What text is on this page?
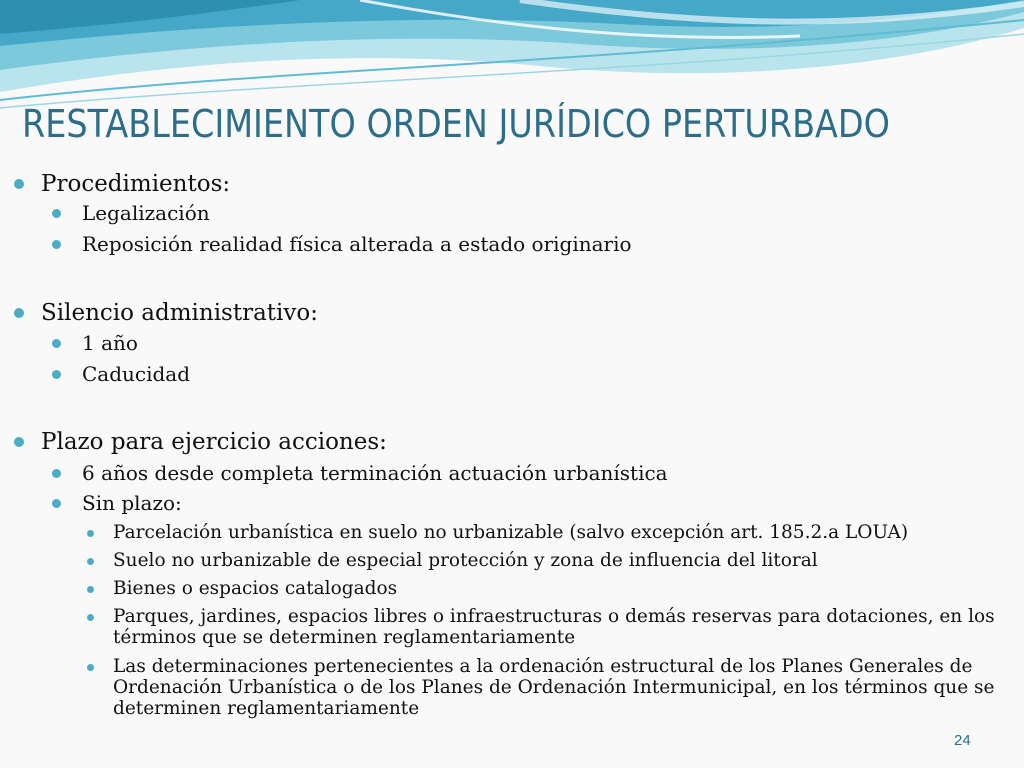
RESTABLECIMIENTO ORDEN JURÍDICO PERTURBADO
Procedimientos:
Legalización
Reposición realidad física alterada a estado originario
Silencio administrativo:
1 año
Caducidad
Plazo para ejercicio acciones:
6 años desde completa terminación actuación urbanística
Sin plazo:
Parcelación urbanística en suelo no urbanizable (salvo excepción art. 185.2.a LOUA)
Suelo no urbanizable de especial protección y zona de influencia del litoral
Bienes o espacios catalogados
Parques, jardines, espacios libres o infraestructuras o demás reservas para dotaciones, en los términos que se determinen reglamentariamente
Las determinaciones pertenecientes a la ordenación estructural de los Planes Generales de Ordenación Urbanística o de los Planes de Ordenación Intermunicipal, en los términos que se determinen reglamentariamente
24
